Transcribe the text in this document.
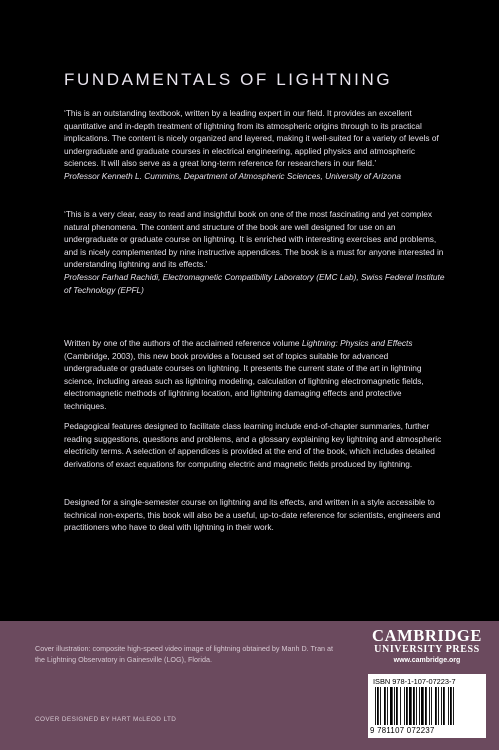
FUNDAMENTALS OF LIGHTNING

‘This is an outstanding textbook, written by a leading expert in our field. It provides an excellent quantitative and in-depth treatment of lightning from its atmospheric origins through to its practical implications. The content is nicely organized and layered, making it well-suited for a variety of levels of undergraduate and graduate courses in electrical engineering, applied physics and atmospheric sciences. It will also serve as a great long-term reference for researchers in our field.’

Professor Kenneth L. Cummins, Department of Atmospheric Sciences, University of Arizona

‘This is a very clear, easy to read and insightful book on one of the most fascinating and yet complex natural phenomena. The content and structure of the book are well designed for use on an undergraduate or graduate course on lightning. It is enriched with interesting exercises and problems, and is nicely complemented by nine instructive appendices. The book is a must for anyone interested in understanding lightning and its effects.’

Professor Farhad Rachidi, Electromagnetic Compatibility Laboratory (EMC Lab), Swiss Federal Institute of Technology (EPFL)

Written by one of the authors of the acclaimed reference volume Lightning: Physics and Effects (Cambridge, 2003), this new book provides a focused set of topics suitable for advanced undergraduate or graduate courses on lightning. It presents the current state of the art in lightning science, including areas such as lightning modeling, calculation of lightning electromagnetic fields, electromagnetic methods of lightning location, and lightning damaging effects and protective techniques.

Pedagogical features designed to facilitate class learning include end-of-chapter summaries, further reading suggestions, questions and problems, and a glossary explaining key lightning and atmospheric electricity terms. A selection of appendices is provided at the end of the book, which includes detailed derivations of exact equations for computing electric and magnetic fields produced by lightning.

Designed for a single-semester course on lightning and its effects, and written in a style accessible to technical non-experts, this book will also be a useful, up-to-date reference for scientists, engineers and practitioners who have to deal with lightning in their work.

Cover illustration: composite high-speed video image of lightning obtained by Manh D. Tran at the Lightning Observatory in Gainesville (LOG), Florida.
COVER DESIGNED BY HART McLEOD LTD
CAMBRIDGE
UNIVERSITY PRESS
www.cambridge.org
ISBN 978-1-107-07223-7
9 781107 072237
